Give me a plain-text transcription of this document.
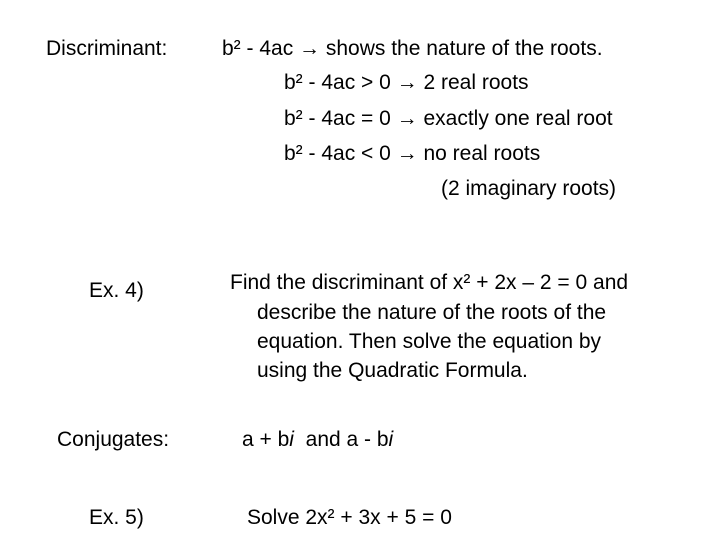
Discriminant:	b² - 4ac → shows the nature of the roots.
b² - 4ac > 0 → 2 real roots
b² - 4ac = 0 → exactly one real root
b² - 4ac < 0 → no real roots
(2 imaginary roots)
Ex. 4)	Find the discriminant of x² + 2x – 2 = 0 and
describe the nature of the roots of the
equation. Then solve the equation by
using the Quadratic Formula.
Conjugates:	a + bi  and a - bi
Ex. 5)	Solve 2x² + 3x + 5 = 0
